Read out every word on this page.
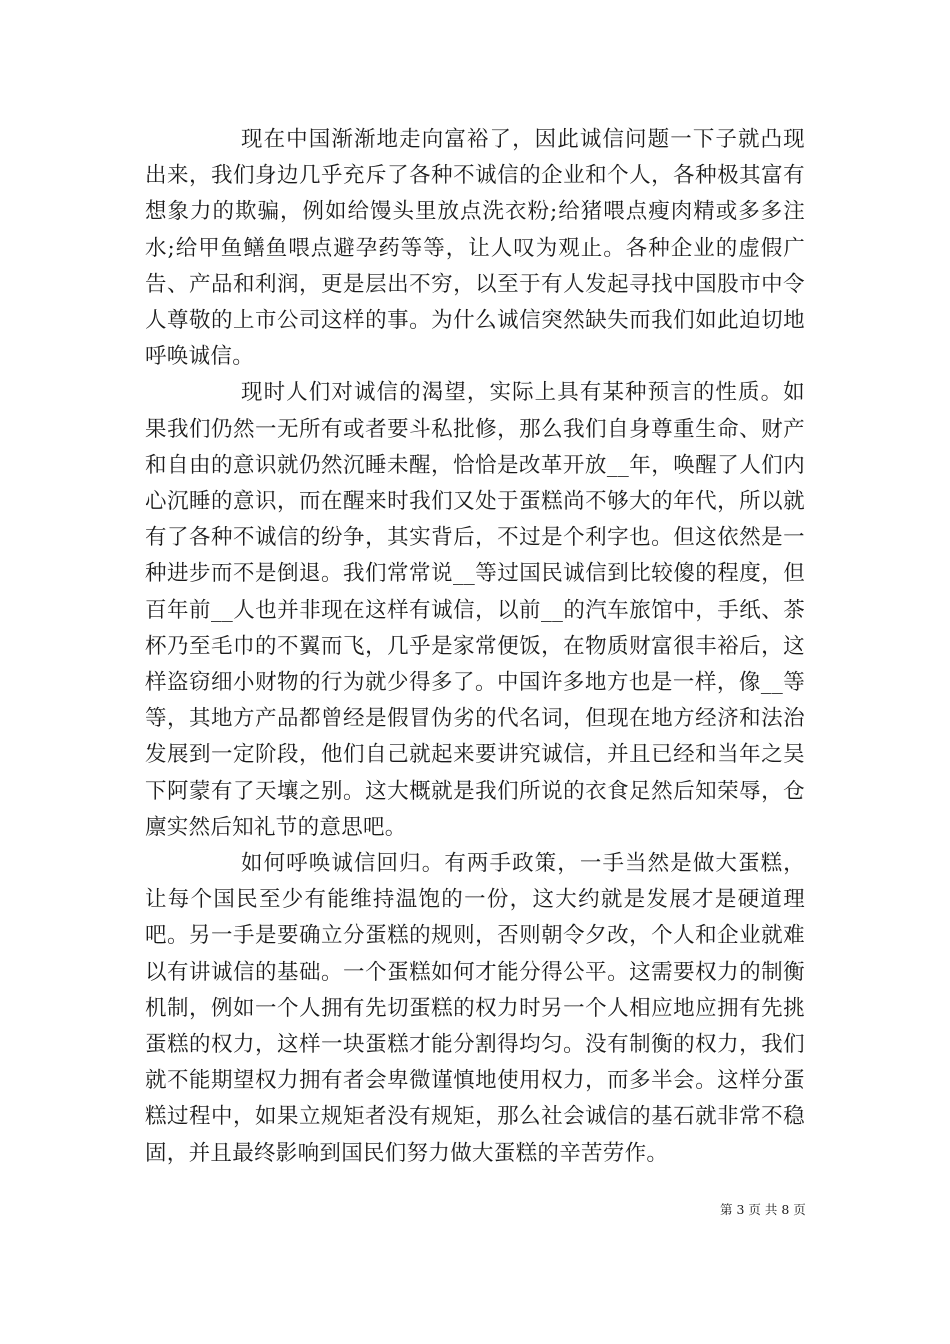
现在中国渐渐地走向富裕了，因此诚信问题一下子就凸现出来，我们身边几乎充斥了各种不诚信的企业和个人，各种极其富有想象力的欺骗，例如给馒头里放点洗衣粉;给猪喂点瘦肉精或多多注水;给甲鱼鳝鱼喂点避孕药等等，让人叹为观止。各种企业的虚假广告、产品和利润，更是层出不穷，以至于有人发起寻找中国股市中令人尊敬的上市公司这样的事。为什么诚信突然缺失而我们如此迫切地呼唤诚信。

现时人们对诚信的渴望，实际上具有某种预言的性质。如果我们仍然一无所有或者要斗私批修，那么我们自身尊重生命、财产和自由的意识就仍然沉睡未醒，恰恰是改革开放__年，唤醒了人们内心沉睡的意识，而在醒来时我们又处于蛋糕尚不够大的年代，所以就有了各种不诚信的纷争，其实背后，不过是个利字也。但这依然是一种进步而不是倒退。我们常常说__等过国民诚信到比较傻的程度，但百年前__人也并非现在这样有诚信，以前__的汽车旅馆中，手纸、茶杯乃至毛巾的不翼而飞，几乎是家常便饭，在物质财富很丰裕后，这样盗窃细小财物的行为就少得多了。中国许多地方也是一样，像__等等，其地方产品都曾经是假冒伪劣的代名词，但现在地方经济和法治发展到一定阶段，他们自己就起来要讲究诚信，并且已经和当年之吴下阿蒙有了天壤之别。这大概就是我们所说的衣食足然后知荣辱，仓廪实然后知礼节的意思吧。

如何呼唤诚信回归。有两手政策，一手当然是做大蛋糕，让每个国民至少有能维持温饱的一份，这大约就是发展才是硬道理吧。另一手是要确立分蛋糕的规则，否则朝令夕改，个人和企业就难以有讲诚信的基础。一个蛋糕如何才能分得公平。这需要权力的制衡机制，例如一个人拥有先切蛋糕的权力时另一个人相应地应拥有先挑蛋糕的权力，这样一块蛋糕才能分割得均匀。没有制衡的权力，我们就不能期望权力拥有者会卑微谨慎地使用权力，而多半会。这样分蛋糕过程中，如果立规矩者没有规矩，那么社会诚信的基石就非常不稳固，并且最终影响到国民们努力做大蛋糕的辛苦劳作。

第 3 页 共 8 页
